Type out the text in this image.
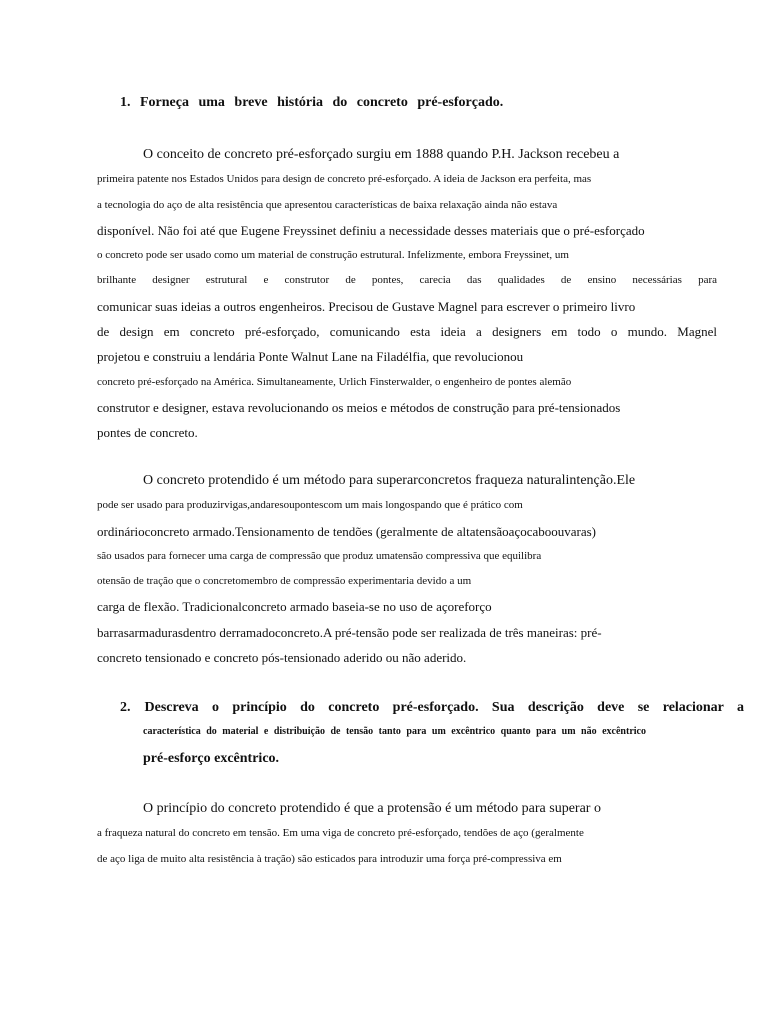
1. Forneça uma breve história do concreto pré-esforçado.
O conceito de concreto pré-esforçado surgiu em 1888 quando P.H. Jackson recebeu a
primeira patente nos Estados Unidos para design de concreto pré-esforçado. A ideia de Jackson era perfeita, mas
a tecnologia do aço de alta resistência que apresentou características de baixa relaxação ainda não estava
disponível. Não foi até que Eugene Freyssinet definiu a necessidade desses materiais que o pré-esforçado
o concreto pode ser usado como um material de construção estrutural. Infelizmente, embora Freyssinet, um
brilhante designer estrutural e construtor de pontes, carecia das qualidades de ensino necessárias para
comunicar suas ideias a outros engenheiros. Precisou de Gustave Magnel para escrever o primeiro livro
de design em concreto pré-esforçado, comunicando esta ideia a designers em todo o mundo. Magnel
projetou e construiu a lendária Ponte Walnut Lane na Filadélfia, que revolucionou
concreto pré-esforçado na América. Simultaneamente, Urlich Finsterwalder, o engenheiro de pontes alemão
construtor e designer, estava revolucionando os meios e métodos de construção para pré-tensionados
pontes de concreto.
O concreto protendido é um método para superarconcretos fraqueza naturalintenção.Ele
pode ser usado para produzirvigas,andaresoupontescom um mais longospando que é prático com
ordinárioconcreto armado.Tensionamento de tendões (geralmente de altatensãoaçocaboouvaras)
são usados para fornecer uma carga de compressão que produz umatensão compressiva que equilibra
otensão de tração que o concretomembro de compressão experimentaria devido a um
carga de flexão. Tradicionalconcreto armado baseia-se no uso de açoreforço
barrasarmadurasdentro derramadoconcreto.A pré-tensão pode ser realizada de três maneiras: pré-
concreto tensionado e concreto pós-tensionado aderido ou não aderido.
2. Descreva o princípio do concreto pré-esforçado. Sua descrição deve se relacionar a
característica do material e distribuição de tensão tanto para um excêntrico quanto para um não excêntrico
pré-esforço excêntrico.
O princípio do concreto protendido é que a protensão é um método para superar o
a fraqueza natural do concreto em tensão. Em uma viga de concreto pré-esforçado, tendões de aço (geralmente
de aço liga de muito alta resistência à tração) são esticados para introduzir uma força pré-compressiva em
